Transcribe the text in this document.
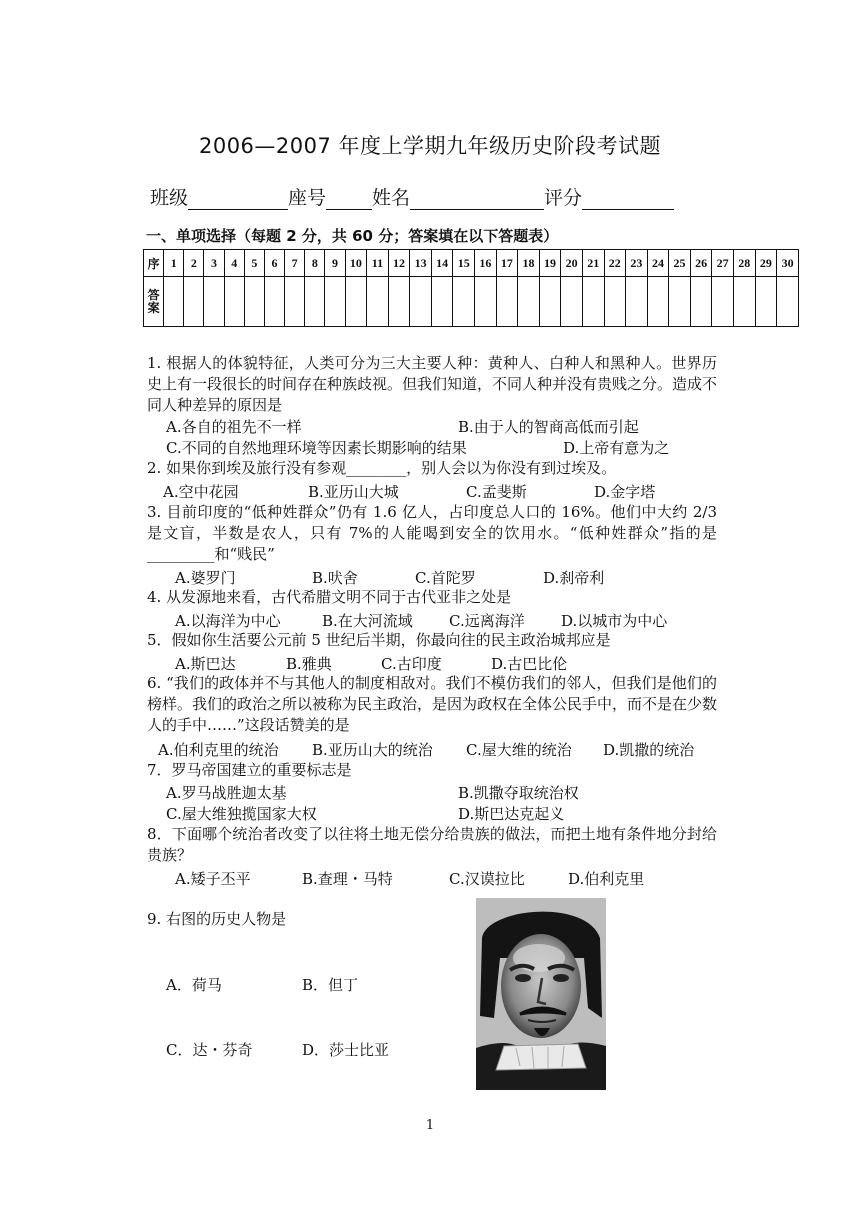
2006—2007 年度上学期九年级历史阶段考试题
班级	座号 姓名	评分
一、单项选择（每题 2 分，共 60 分；答案填在以下答题表）
序	1	2	3	4	5	6	7	8	9	10	11	12	13	14	15	16	17	18	19	20	21	22	23	24	25	26	27	28	29	30
答案																														
1. 根据人的体貌特征，人类可分为三大主要人种：黄种人、白种人和黑种人。世界历史上有一段很长的时间存在种族歧视。但我们知道，不同人种并没有贵贱之分。造成不同人种差异的原因是
A.各自的祖先不一样	B.由于人的智商高低而引起
C.不同的自然地理环境等因素长期影响的结果	D.上帝有意为之
2. 如果你到埃及旅行没有参观________，别人会以为你没有到过埃及。
A.空中花园	B.亚历山大城	C.孟斐斯	D.金字塔
3. 目前印度的“低种姓群众”仍有 1.6 亿人，占印度总人口的 16%。他们中大约 2/3 是文盲，半数是农人，只有 7%的人能喝到安全的饮用水。“低种姓群众”指的是_________和“贱民”
A.婆罗门	B.吠舍	C.首陀罗	D.刹帝利
4. 从发源地来看，古代希腊文明不同于古代亚非之处是
A.以海洋为中心	B.在大河流域 C.远离海洋 D.以城市为中心
5．假如你生活要公元前 5 世纪后半期，你最向往的民主政治城邦应是
A.斯巴达	B.雅典	C.古印度	D.古巴比伦
6. “我们的政体并不与其他人的制度相敌对。我们不模仿我们的邻人，但我们是他们的榜样。我们的政治之所以被称为民主政治，是因为政权在全体公民手中，而不是在少数人的手中……”这段话赞美的是
A.伯利克里的统治 B.亚历山大的统治 C.屋大维的统治 D.凯撒的统治
7．罗马帝国建立的重要标志是
A.罗马战胜迦太基	B.凯撒夺取统治权
C.屋大维独揽国家大权	D.斯巴达克起义
8．下面哪个统治者改变了以往将土地无偿分给贵族的做法，而把土地有条件地分封给贵族？
A.矮子丕平	B.查理・马特	C.汉谟拉比	D.伯利克里
9. 右图的历史人物是
A．荷马	B．但丁
C．达・芬奇	D．莎士比亚
1
